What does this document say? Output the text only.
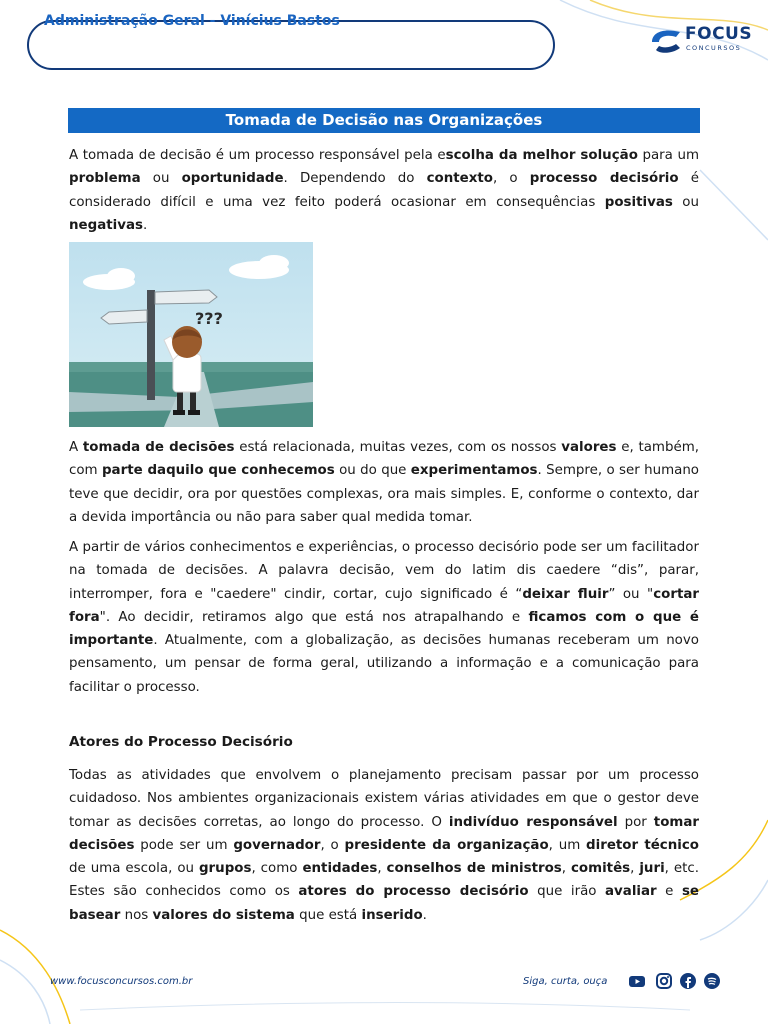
Administração Geral - Vinícius Bastos
FOCUS
CONCURSOS
Tomada de Decisão nas Organizações

A tomada de decisão é um processo responsável pela escolha da melhor solução para um problema ou oportunidade. Dependendo do contexto, o processo decisório é considerado difícil e uma vez feito poderá ocasionar em consequências positivas ou negativas.

???

A tomada de decisões está relacionada, muitas vezes, com os nossos valores e, também, com parte daquilo que conhecemos ou do que experimentamos. Sempre, o ser humano teve que decidir, ora por questões complexas, ora mais simples. E, conforme o contexto, dar a devida importância ou não para saber qual medida tomar.

A partir de vários conhecimentos e experiências, o processo decisório pode ser um facilitador na tomada de decisões. A palavra decisão, vem do latim dis caedere “dis”, parar, interromper, fora e "caedere" cindir, cortar, cujo significado é “deixar fluir” ou "cortar fora". Ao decidir, retiramos algo que está nos atrapalhando e ficamos com o que é importante. Atualmente, com a globalização, as decisões humanas receberam um novo pensamento, um pensar de forma geral, utilizando a informação e a comunicação para facilitar o processo.

Atores do Processo Decisório

Todas as atividades que envolvem o planejamento precisam passar por um processo cuidadoso. Nos ambientes organizacionais existem várias atividades em que o gestor deve tomar as decisões corretas, ao longo do processo. O indivíduo responsável por tomar decisões pode ser um governador, o presidente da organização, um diretor técnico de uma escola, ou grupos, como entidades, conselhos de ministros, comitês, juri, etc. Estes são conhecidos como os atores do processo decisório que irão avaliar e se basear nos valores do sistema que está inserido.

www.focusconcursos.com.br	Siga, curta, ouça
